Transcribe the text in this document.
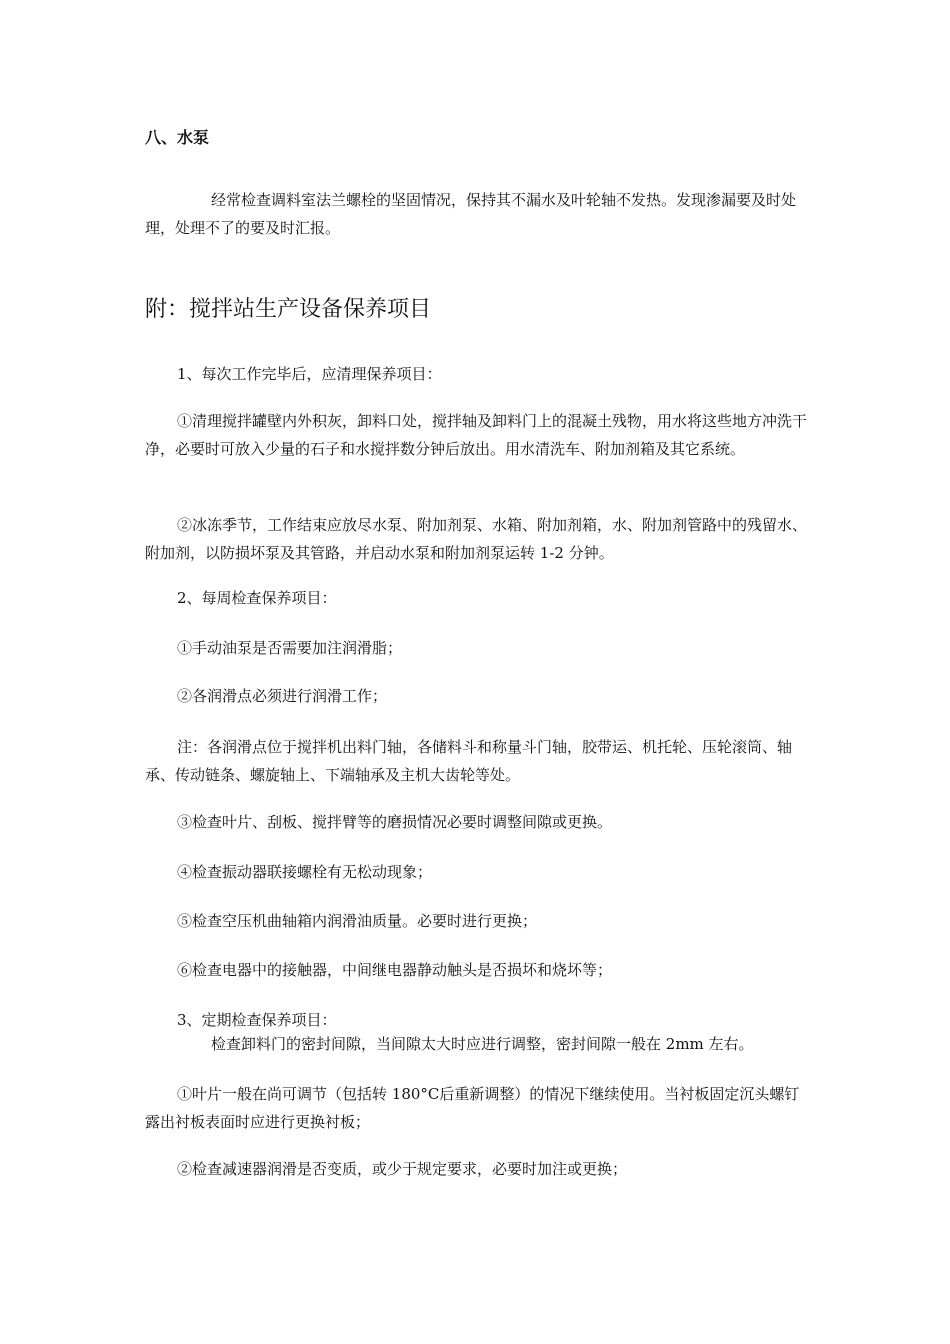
八、水泵

经常检查调料室法兰螺栓的坚固情况，保持其不漏水及叶轮轴不发热。发现渗漏要及时处理，处理不了的要及时汇报。

附：搅拌站生产设备保养项目

1、每次工作完毕后，应清理保养项目：

①清理搅拌罐壁内外积灰，卸料口处，搅拌轴及卸料门上的混凝土残物，用水将这些地方冲洗干净，必要时可放入少量的石子和水搅拌数分钟后放出。用水清洗车、附加剂箱及其它系统。

②冰冻季节，工作结束应放尽水泵、附加剂泵、水箱、附加剂箱，水、附加剂管路中的残留水、附加剂，以防损坏泵及其管路，并启动水泵和附加剂泵运转 1-2 分钟。

2、每周检查保养项目：

①手动油泵是否需要加注润滑脂；

②各润滑点必须进行润滑工作；

注：各润滑点位于搅拌机出料门轴，各储料斗和称量斗门轴，胶带运、机托轮、压轮滚筒、轴承、传动链条、螺旋轴上、下端轴承及主机大齿轮等处。

③检查叶片、刮板、搅拌臂等的磨损情况必要时调整间隙或更换。

④检查振动器联接螺栓有无松动现象；

⑤检查空压机曲轴箱内润滑油质量。必要时进行更换；

⑥检查电器中的接触器，中间继电器静动触头是否损坏和烧坏等；

3、定期检查保养项目：

检查卸料门的密封间隙，当间隙太大时应进行调整，密封间隙一般在 2mm 左右。

①叶片一般在尚可调节（包括转 180°C后重新调整）的情况下继续使用。当衬板固定沉头螺钉露出衬板表面时应进行更换衬板；

②检查减速器润滑是否变质，或少于规定要求，必要时加注或更换；
